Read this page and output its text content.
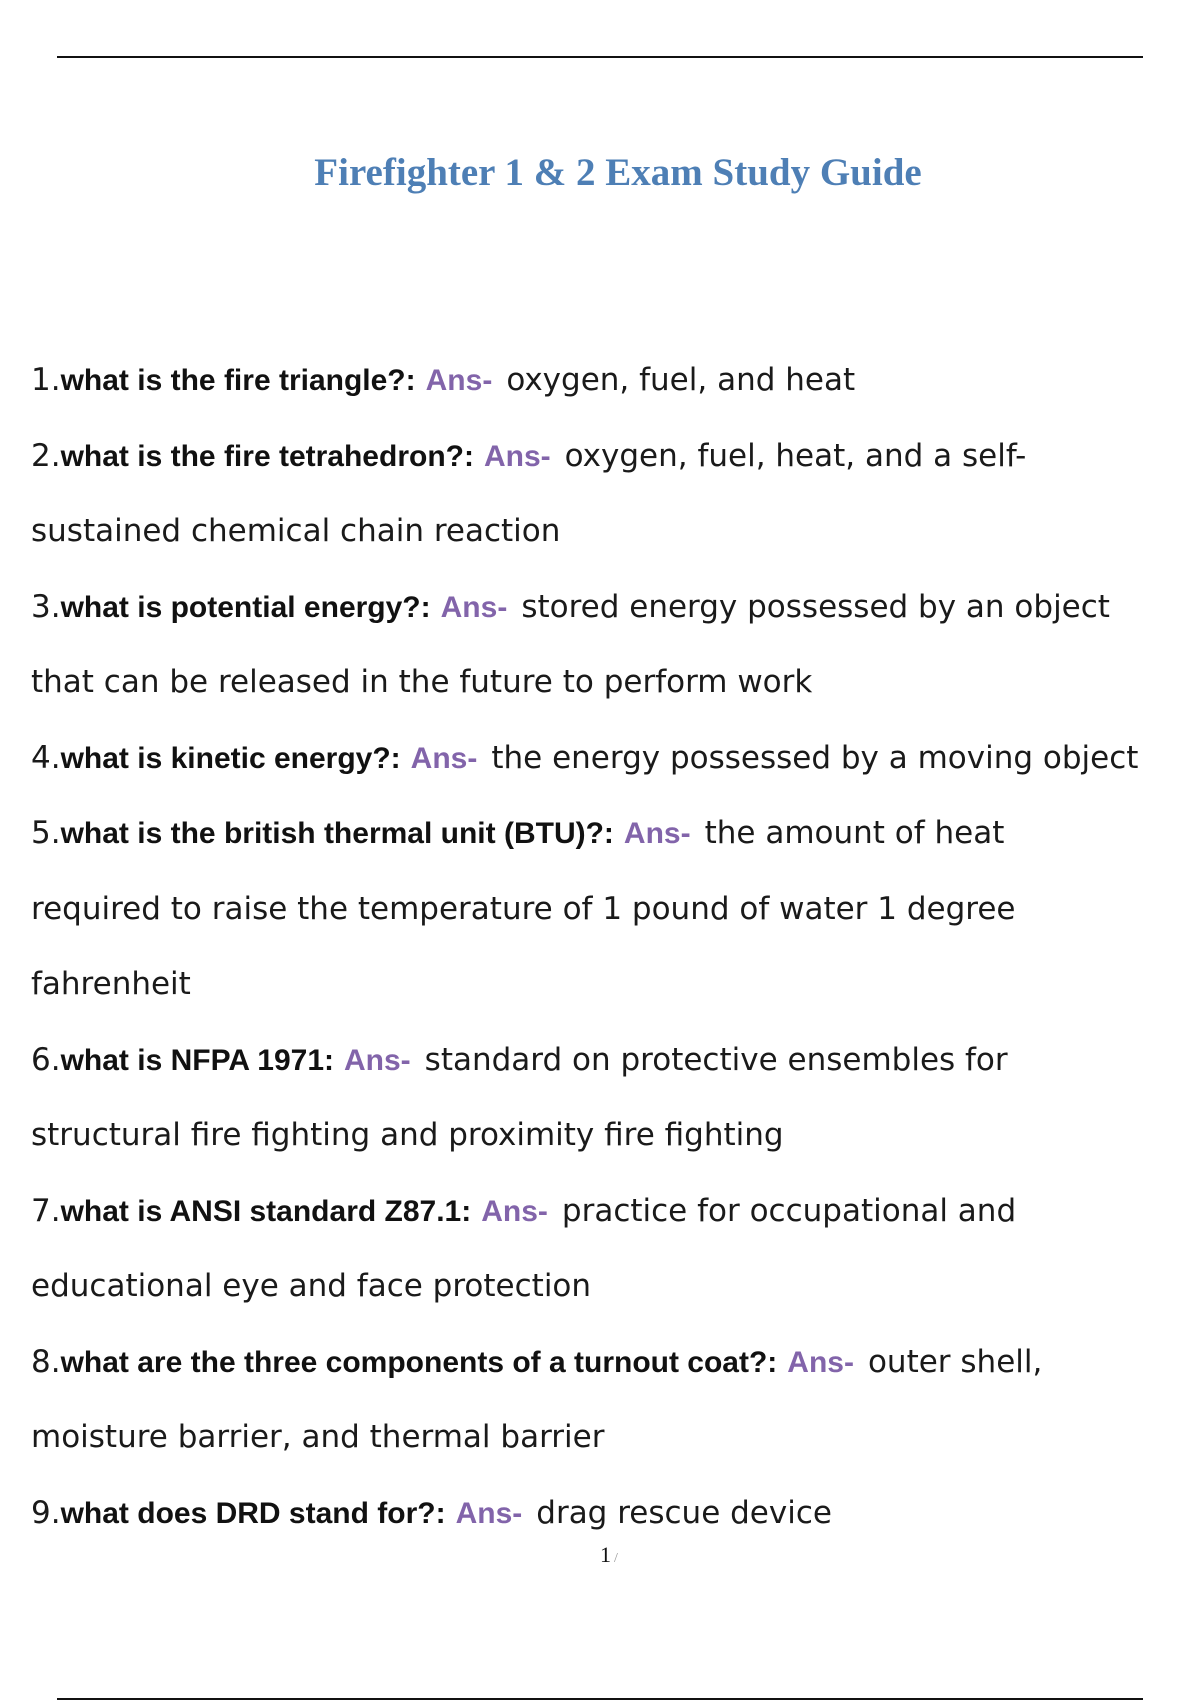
Firefighter 1 & 2 Exam Study Guide
1.what is the fire triangle?: Ans- oxygen, fuel, and heat
2.what is the fire tetrahedron?: Ans- oxygen, fuel, heat, and a self-
sustained chemical chain reaction
3.what is potential energy?: Ans- stored energy possessed by an object
that can be released in the future to perform work
4.what is kinetic energy?: Ans- the energy possessed by a moving object
5.what is the british thermal unit (BTU)?: Ans- the amount of heat
required to raise the temperature of 1 pound of water 1 degree
fahrenheit
6.what is NFPA 1971: Ans- standard on protective ensembles for
structural fire fighting and proximity fire fighting
7.what is ANSI standard Z87.1: Ans- practice for occupational and
educational eye and face protection
8.what are the three components of a turnout coat?: Ans- outer shell,
moisture barrier, and thermal barrier
9.what does DRD stand for?: Ans- drag rescue device
1 /
